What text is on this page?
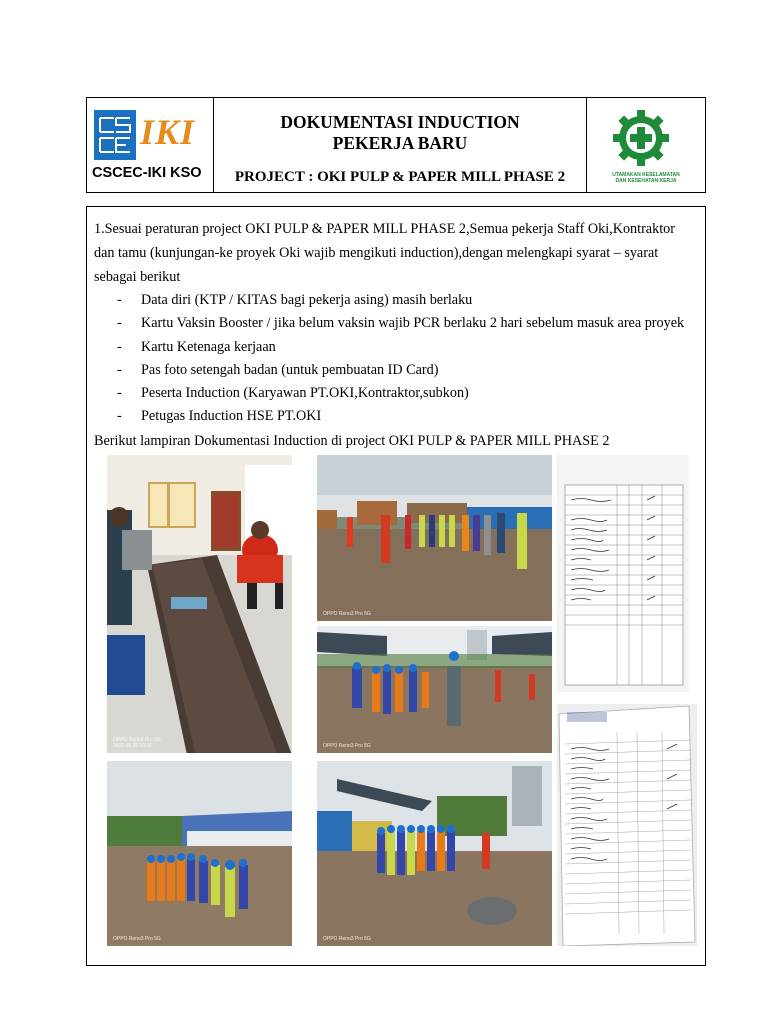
IKI
CSCEC-IKI KSO
DOKUMENTASI INDUCTION
PEKERJA BARU
PROJECT : OKI PULP & PAPER MILL PHASE 2	UTAMAKAN KESELAMATAN
DAN KESEHATAN KERJA
1.Sesuai peraturan project OKI PULP & PAPER MILL PHASE 2,Semua pekerja Staff Oki,Kontraktor dan tamu (kunjungan-ke proyek Oki wajib mengikuti induction),dengan melengkapi syarat – syarat sebagai berikut
- Data diri (KTP / KITAS bagi pekerja asing) masih berlaku
- Kartu Vaksin Booster / jika belum vaksin wajib PCR berlaku 2 hari sebelum masuk area proyek
- Kartu Ketenaga kerjaan
- Pas foto setengah badan (untuk pembuatan ID Card)
- Peserta Induction (Karyawan PT.OKI,Kontraktor,subkon)
- Petugas Induction HSE PT.OKI
Berikut lampiran Dokumentasi Induction di project OKI PULP & PAPER MILL PHASE 2
OPPO Reno3 Pro 5G
2022.09.29 10:16
OPPO Reno3 Pro 5G
OPPO Reno3 Pro 5G
OPPO Reno3 Pro 5G	OPPO Reno3 Pro 5G
